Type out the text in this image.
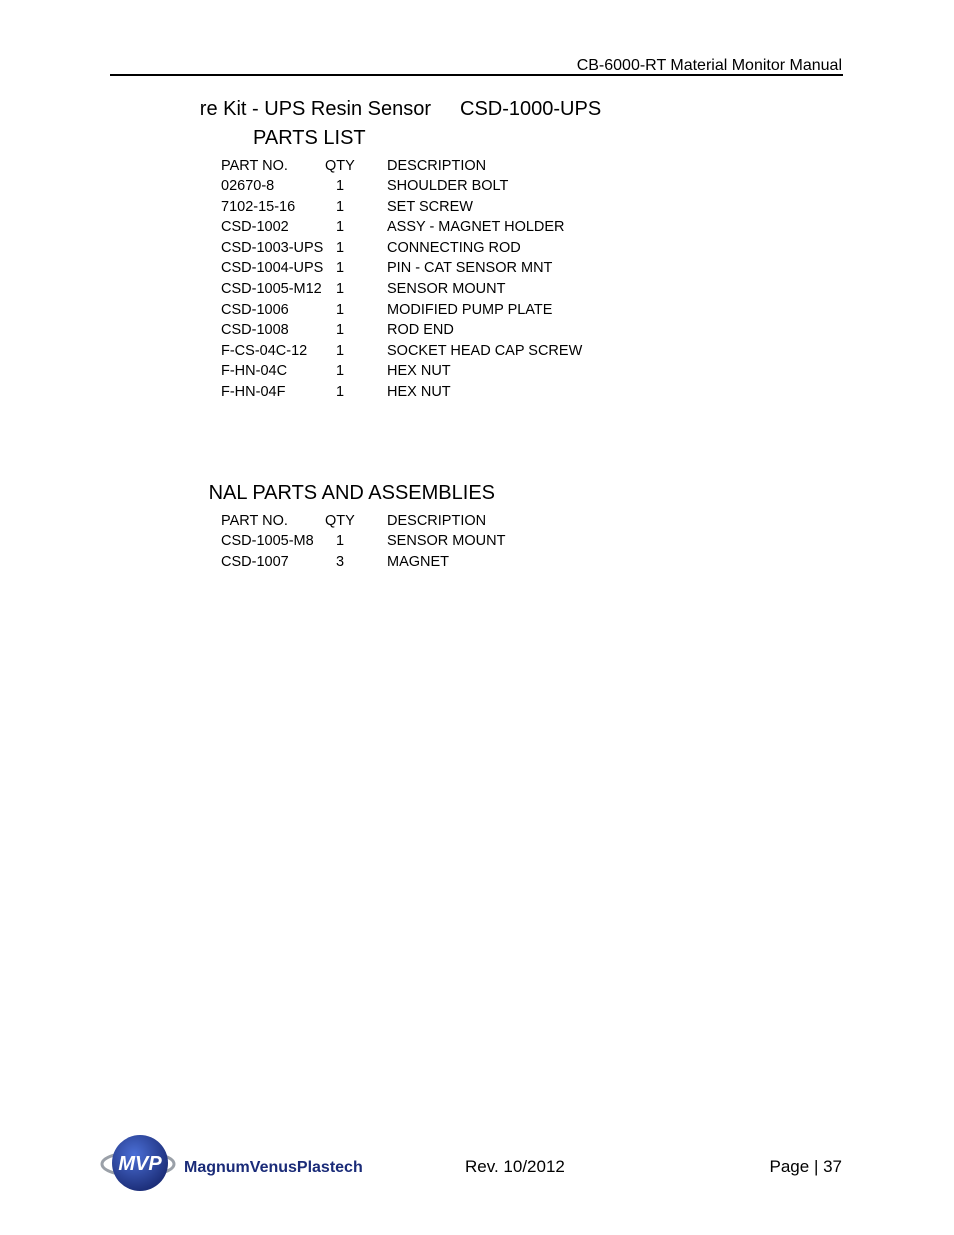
CB-6000-RT Material Monitor Manual
re Kit - UPS Resin Sensor CSD-1000-UPS
PARTS LIST
PART NO.	QTY DESCRIPTION
02670-8	1	SHOULDER BOLT
7102-15-16	1	SET SCREW
CSD-1002	1	ASSY - MAGNET HOLDER
CSD-1003-UPS 1	CONNECTING ROD
CSD-1004-UPS 1	PIN - CAT SENSOR MNT
CSD-1005-M12 1	SENSOR MOUNT
CSD-1006	1	MODIFIED PUMP PLATE
CSD-1008	1	ROD END
F-CS-04C-12 1	SOCKET HEAD CAP SCREW
F-HN-04C	1	HEX NUT
F-HN-04F	1	HEX NUT
NAL PARTS AND ASSEMBLIES
PART NO.	QTY DESCRIPTION
CSD-1005-M8 1	SENSOR MOUNT
CSD-1007	3	MAGNET
MVP MagnumVenusPlastech	Rev. 10/2012	Page | 37
